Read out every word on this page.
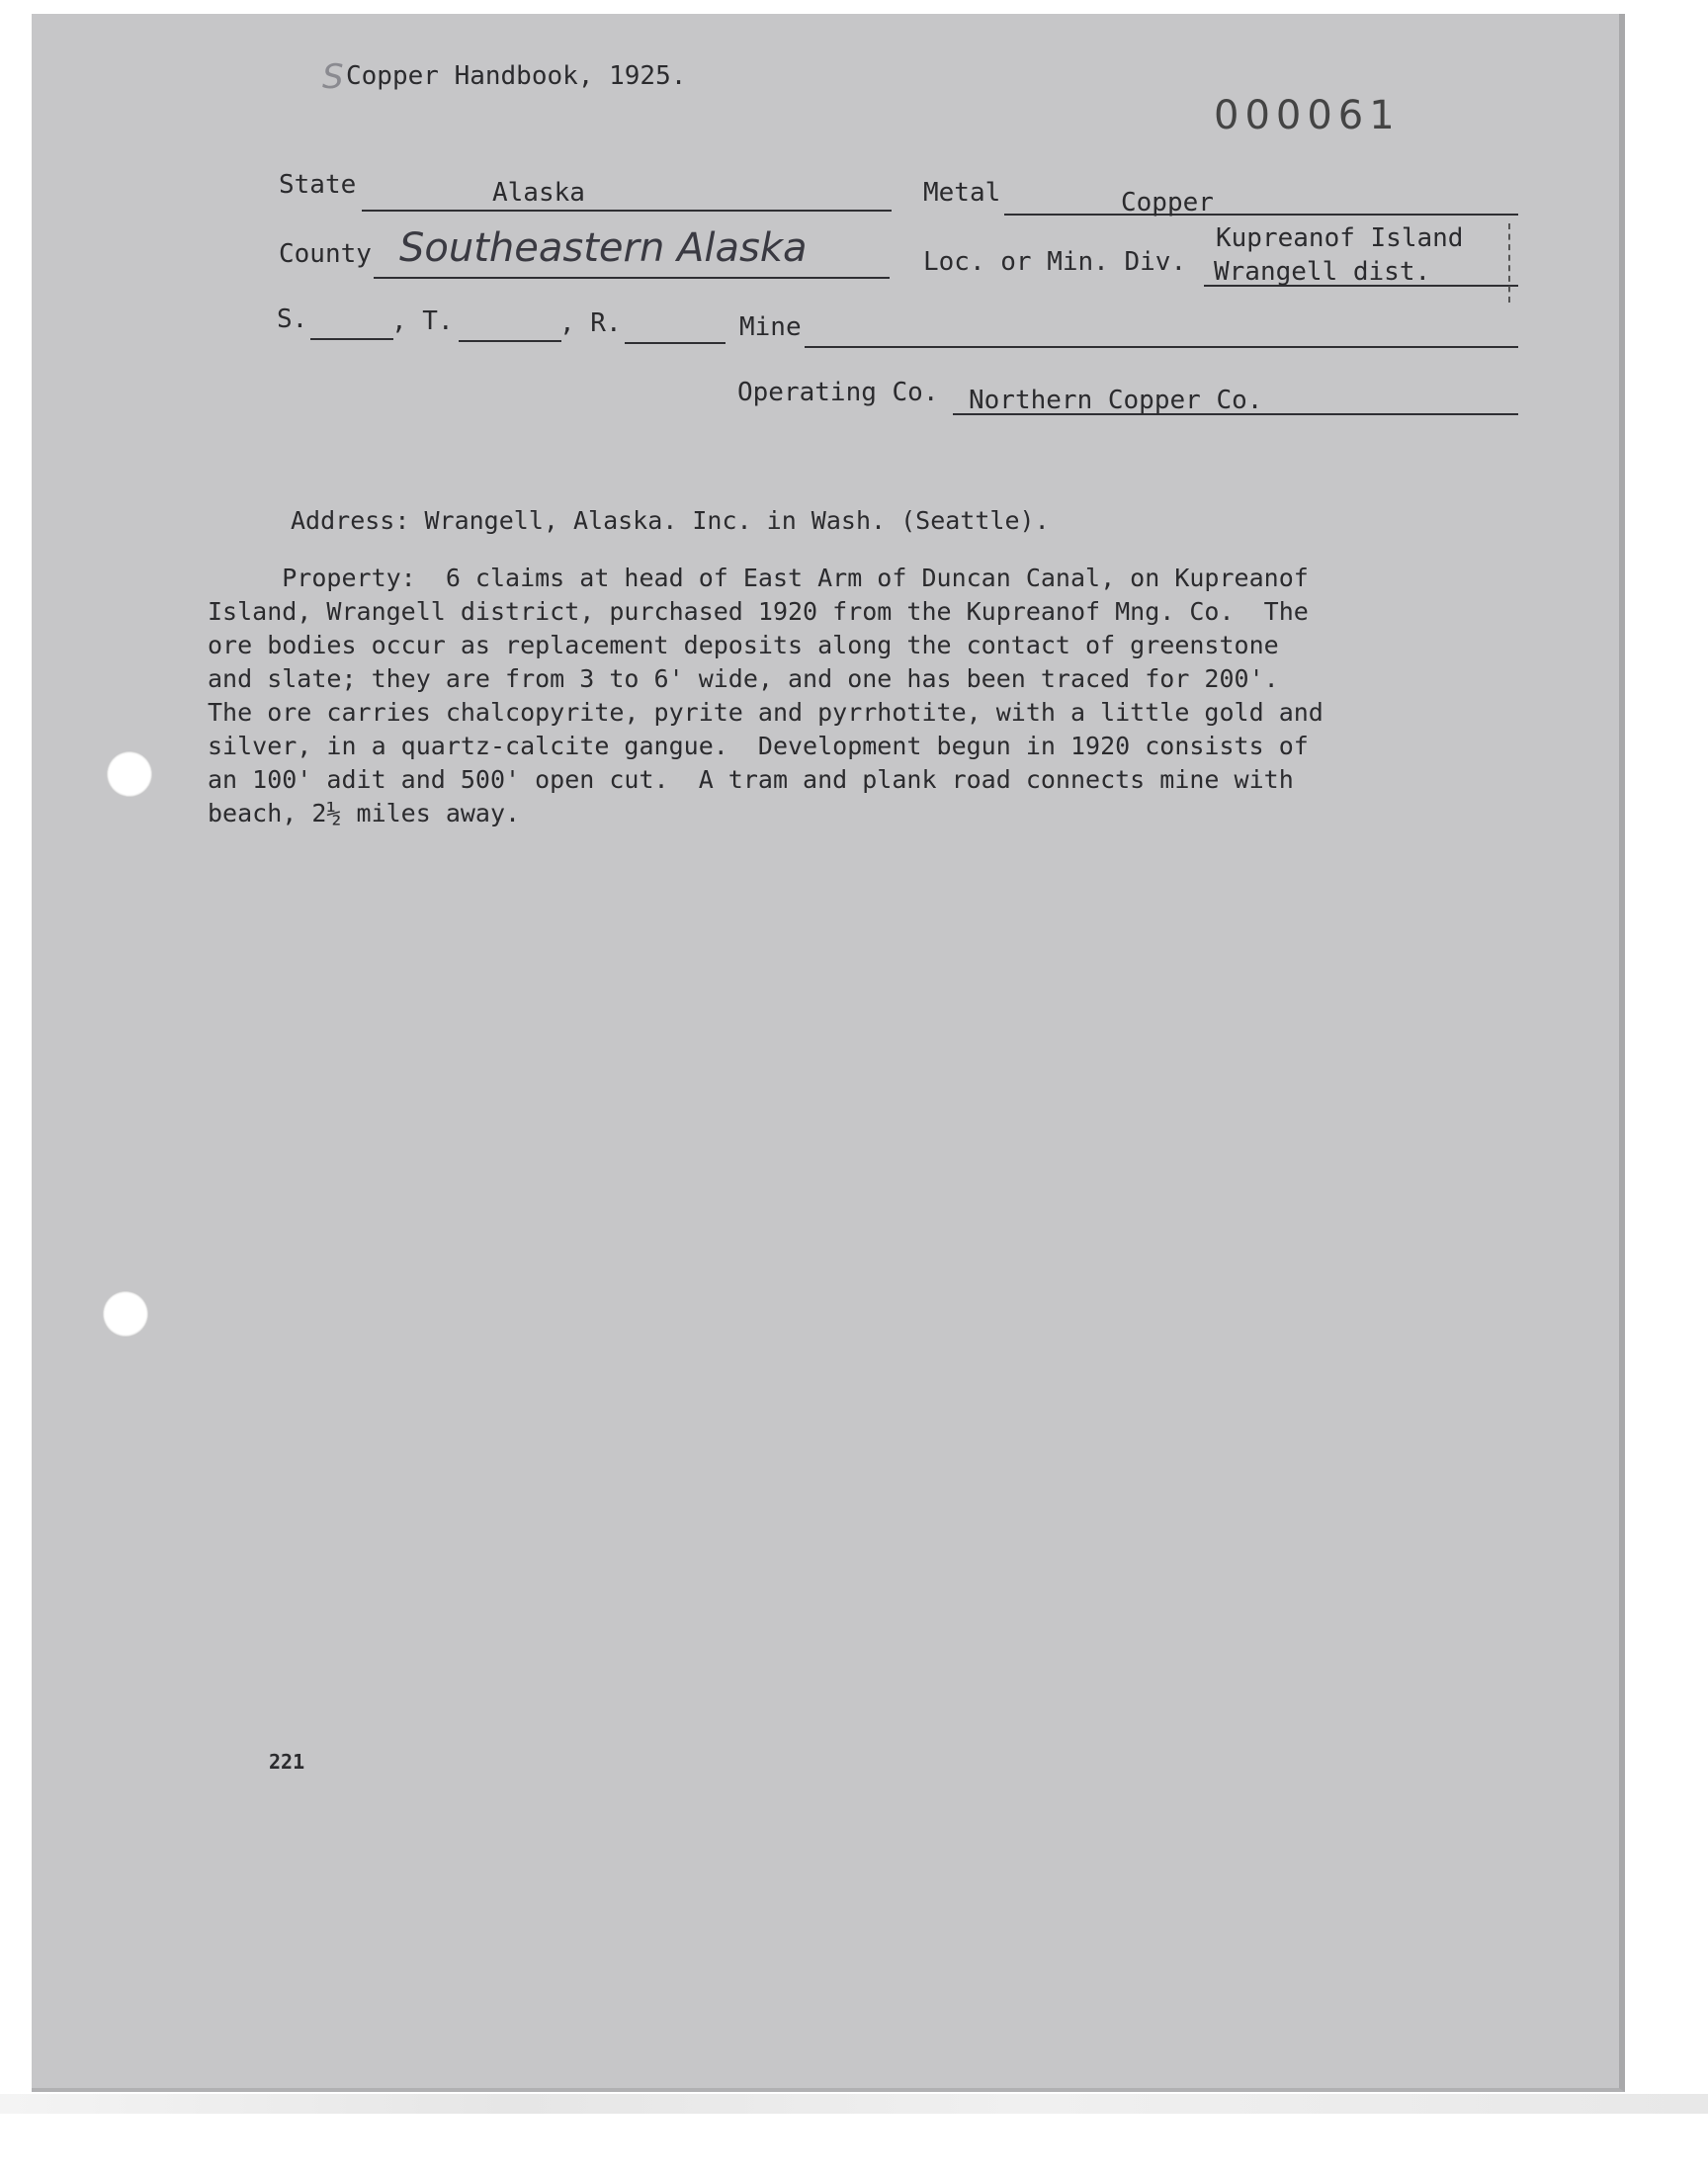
S Copper Handbook, 1925.
000061
State	Alaska	Metal	Copper
County Southeastern Alaska	Loc. or Min. Div.
Kupreanof Island
Wrangell dist.
S.	, T.	, R.	Mine
Operating Co. Northern Copper Co.
Address: Wrangell, Alaska. Inc. in Wash. (Seattle).

Property:  6 claims at head of East Arm of Duncan Canal, on Kupreanof

Island, Wrangell district, purchased 1920 from the Kupreanof Mng. Co.  The

ore bodies occur as replacement deposits along the contact of greenstone

and slate; they are from 3 to 6' wide, and one has been traced for 200'.

The ore carries chalcopyrite, pyrite and pyrrhotite, with a little gold and

silver, in a quartz-calcite gangue.  Development begun in 1920 consists of

an 100' adit and 500' open cut.  A tram and plank road connects mine with

beach, 2½ miles away.

221
